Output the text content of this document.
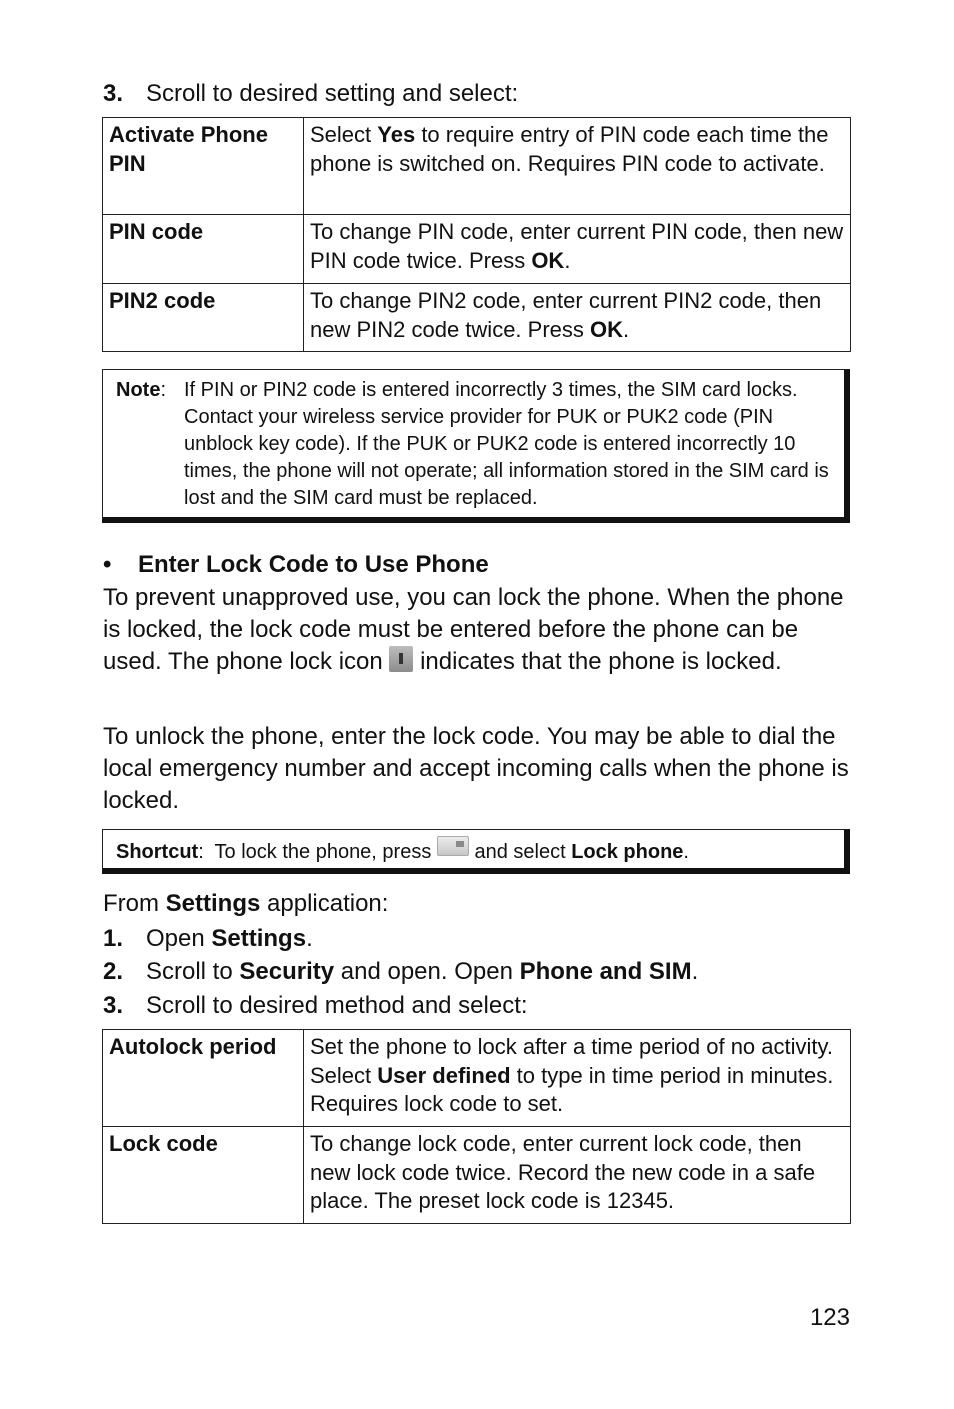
3. Scroll to desired setting and select:
Activate Phone PIN	Select Yes to require entry of PIN code each time the phone is switched on. Requires PIN code to activate.
PIN code	To change PIN code, enter current PIN code, then new PIN code twice. Press OK.
PIN2 code	To change PIN2 code, enter current PIN2 code, then new PIN2 code twice. Press OK.
Note: If PIN or PIN2 code is entered incorrectly 3 times, the SIM card locks. Contact your wireless service provider for PUK or PUK2 code (PIN unblock key code). If the PUK or PUK2 code is entered incorrectly 10 times, the phone will not operate; all information stored in the SIM card is lost and the SIM card must be replaced.
• Enter Lock Code to Use Phone
To prevent unapproved use, you can lock the phone. When the phone is locked, the lock code must be entered before the phone can be used. The phone lock icon  indicates that the phone is locked.
To unlock the phone, enter the lock code. You may be able to dial the local emergency number and accept incoming calls when the phone is locked.
Shortcut:  To lock the phone, press  and select Lock phone.
From Settings application:
1. Open Settings.
2. Scroll to Security and open. Open Phone and SIM.
3. Scroll to desired method and select:
Autolock period	Set the phone to lock after a time period of no activity. Select User defined to type in time period in minutes. Requires lock code to set.
Lock code	To change lock code, enter current lock code, then new lock code twice. Record the new code in a safe place. The preset lock code is 12345.
123
